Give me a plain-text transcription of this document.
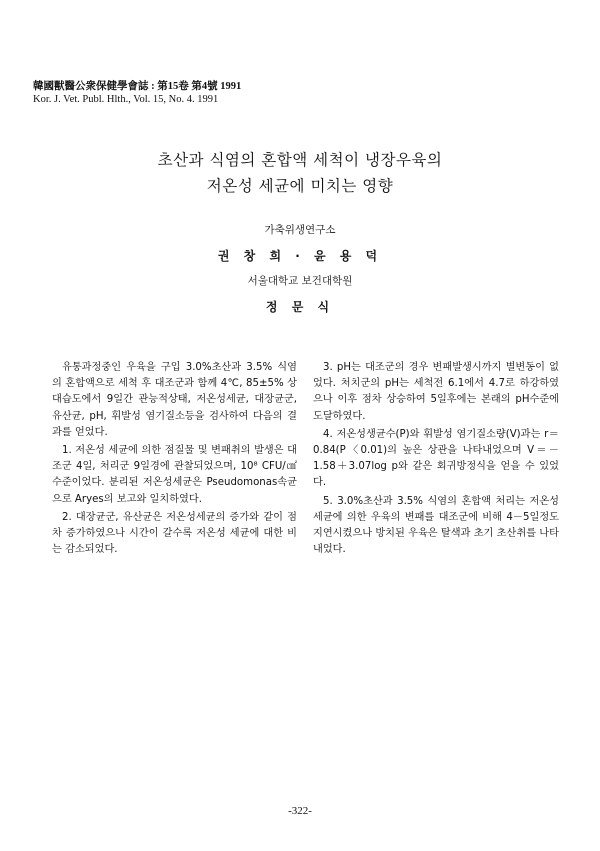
韓國獸醫公衆保健學會誌 : 第15卷 第4號 1991
Kor. J. Vet. Publ. Hlth., Vol. 15, No. 4. 1991
초산과 식염의 혼합액 세척이 냉장우육의
저온성 세균에 미치는 영향
가축위생연구소
권 창 희 · 윤 용 덕
서울대학교 보건대학원
정 문 식

유통과정중인 우육을 구입 3.0%초산과 3.5% 식염의 혼합액으로 세척 후 대조군과 함께 4℃, 85±5% 상대습도에서 9일간 관능적상태, 저온성세균, 대장균군, 유산균, pH, 휘발성 염기질소등을 검사하여 다음의 결과를 얻었다.

1. 저온성 세균에 의한 점질물 및 변패취의 발생은 대조군 4일, 처리군 9일경에 관찰되었으며, 10⁸ CFU/㎠ 수준이었다. 분리된 저온성세균은 Pseudomonas속균으로 Aryes의 보고와 일치하였다.

2. 대장균군, 유산균은 저온성세균의 증가와 같이 점차 증가하였으나 시간이 갈수록 저온성 세균에 대한 비는 감소되었다.

3. pH는 대조군의 경우 변패발생시까지 별변동이 없었다. 처치군의 pH는 세척전 6.1에서 4.7로 하강하였으나 이후 점차 상승하여 5일후에는 본래의 pH수준에 도달하였다.

4. 저온성생균수(P)와 휘발성 염기질소량(V)과는 r＝0.84(P〈0.01)의 높은 상관을 나타내었으며 V＝－1.58＋3.07log p와 같은 회귀방정식을 얻을 수 있었다.

5. 3.0%초산과 3.5% 식염의 혼합액 처리는 저온성세균에 의한 우육의 변패를 대조군에 비해 4－5일정도 지연시켰으나 방치된 우육은 탈색과 초기 초산취를 나타내었다.

-322-
